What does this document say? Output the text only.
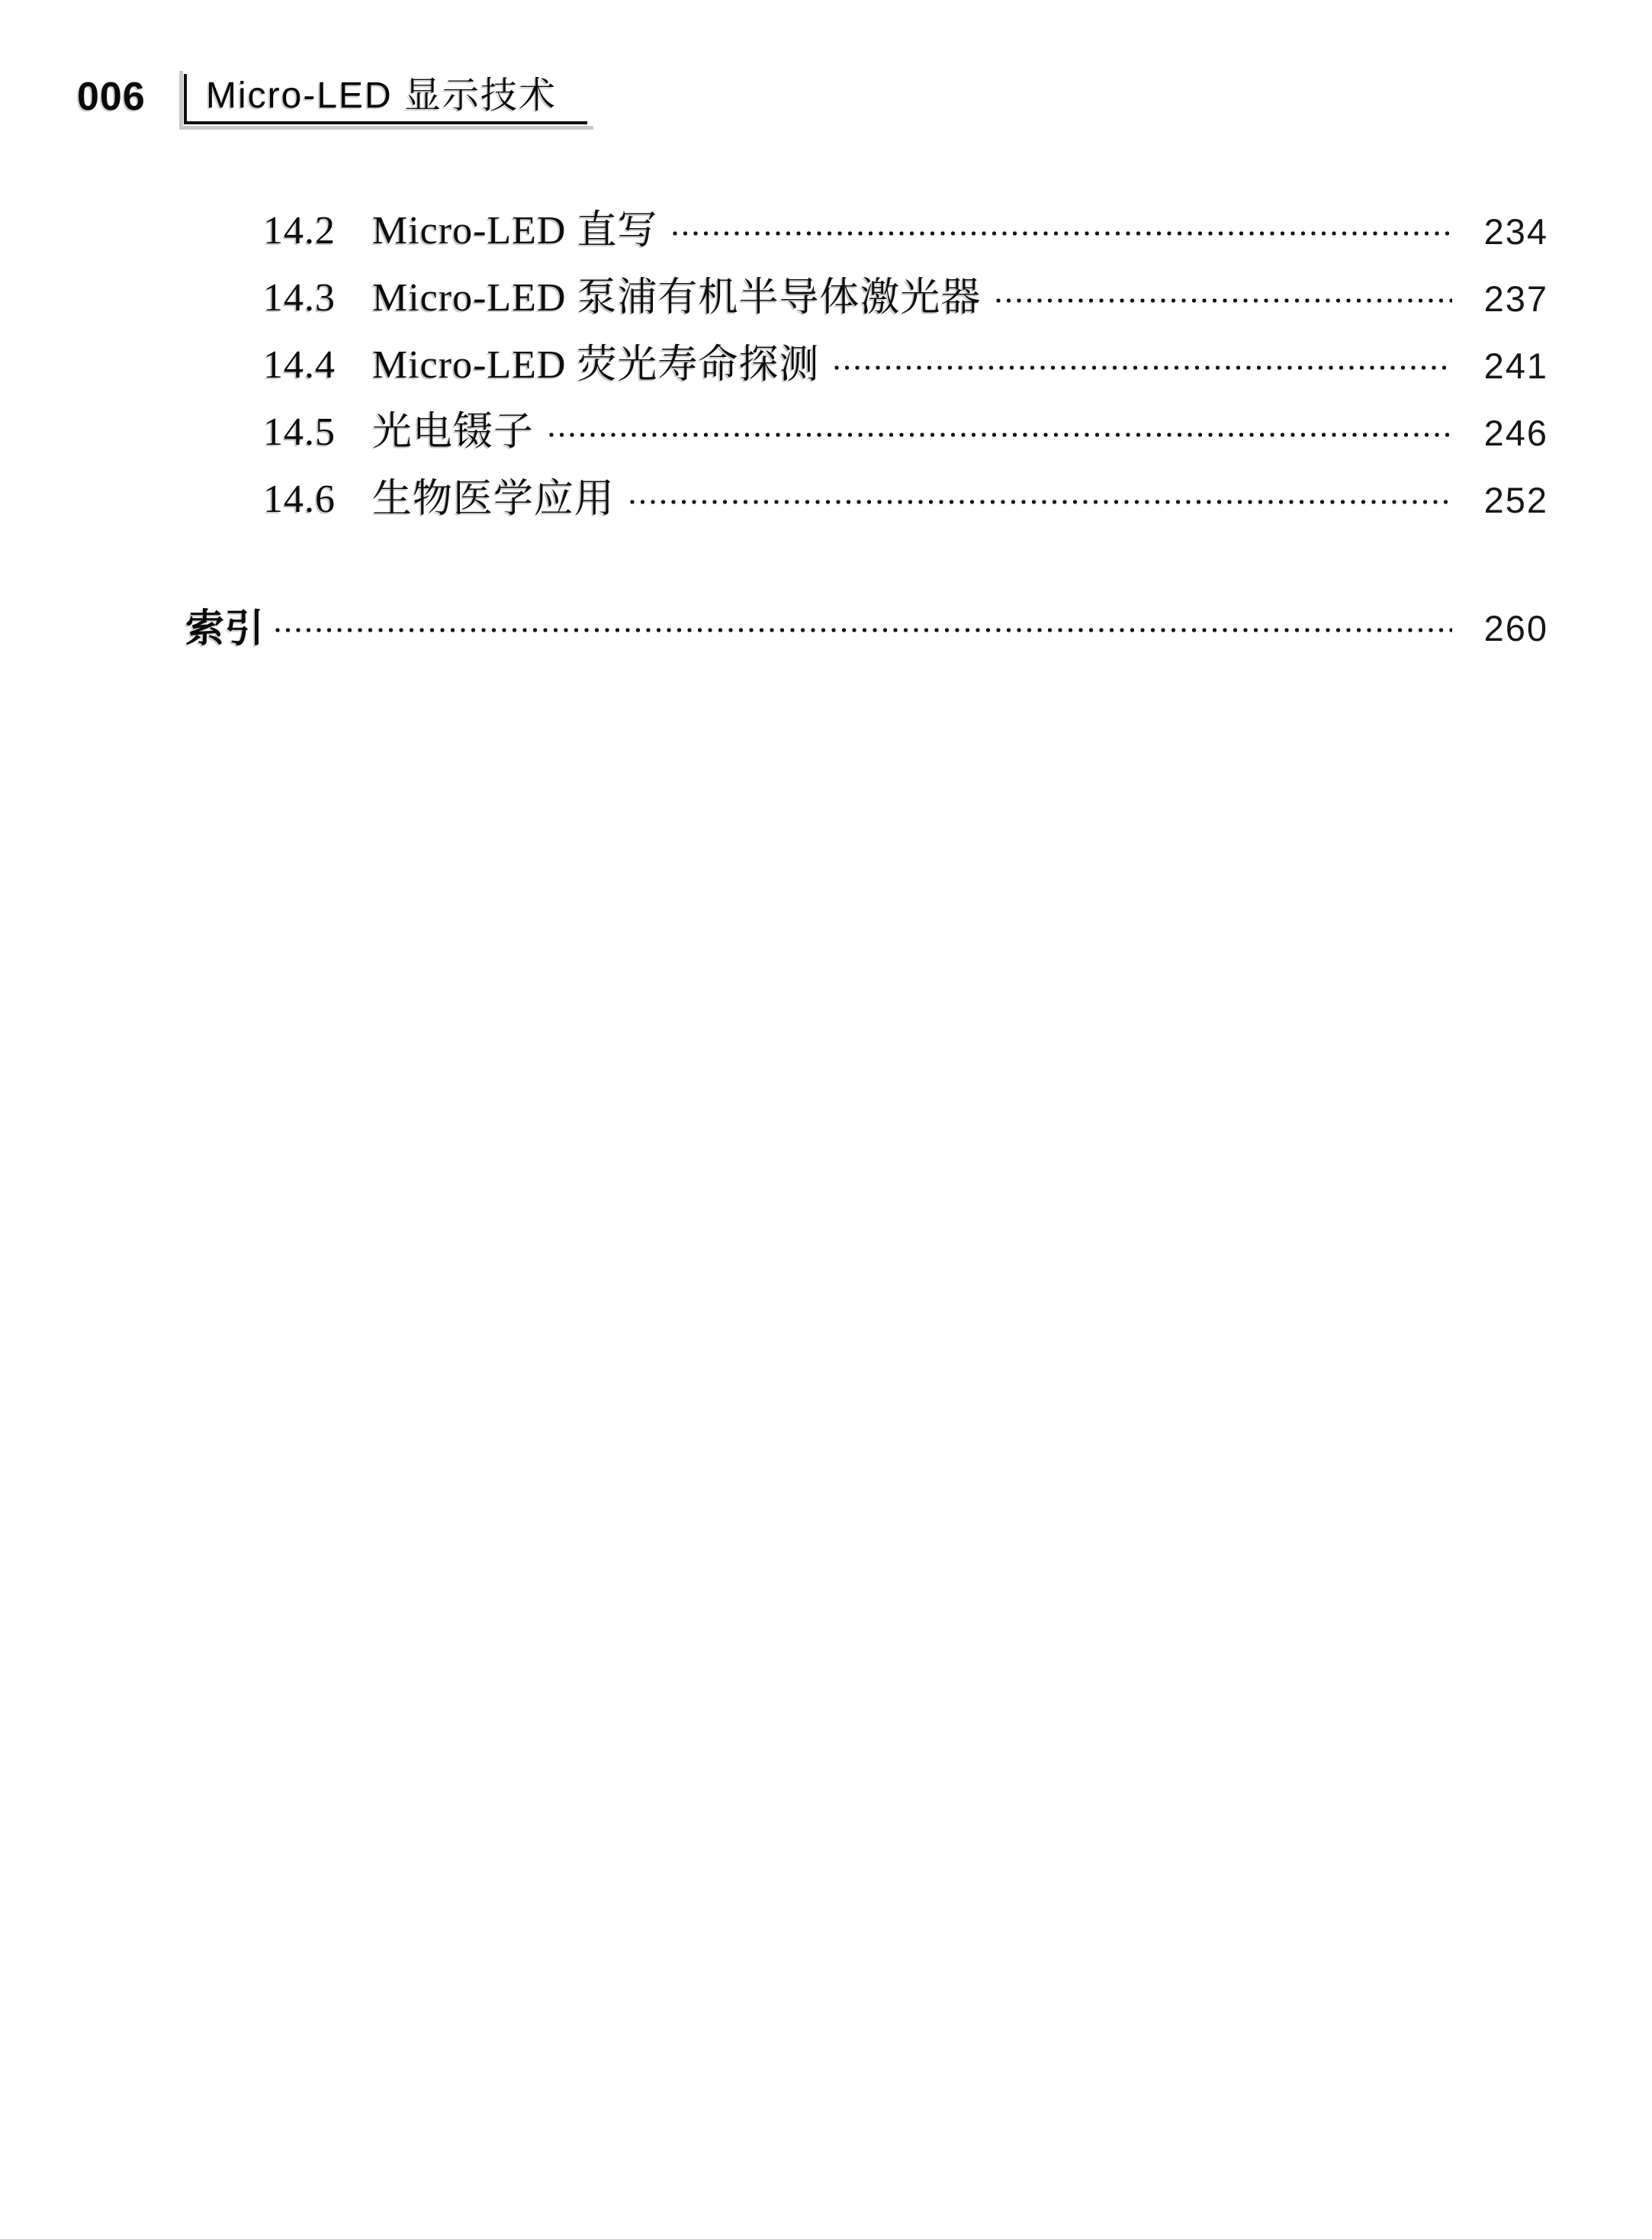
006 Micro-LED 显示技术
14.2 Micro-LED 直写	234
14.3 Micro-LED 泵浦有机半导体激光器	237
14.4 Micro-LED 荧光寿命探测	241
14.5 光电镊子	246
14.6 生物医学应用	252
索引	260
